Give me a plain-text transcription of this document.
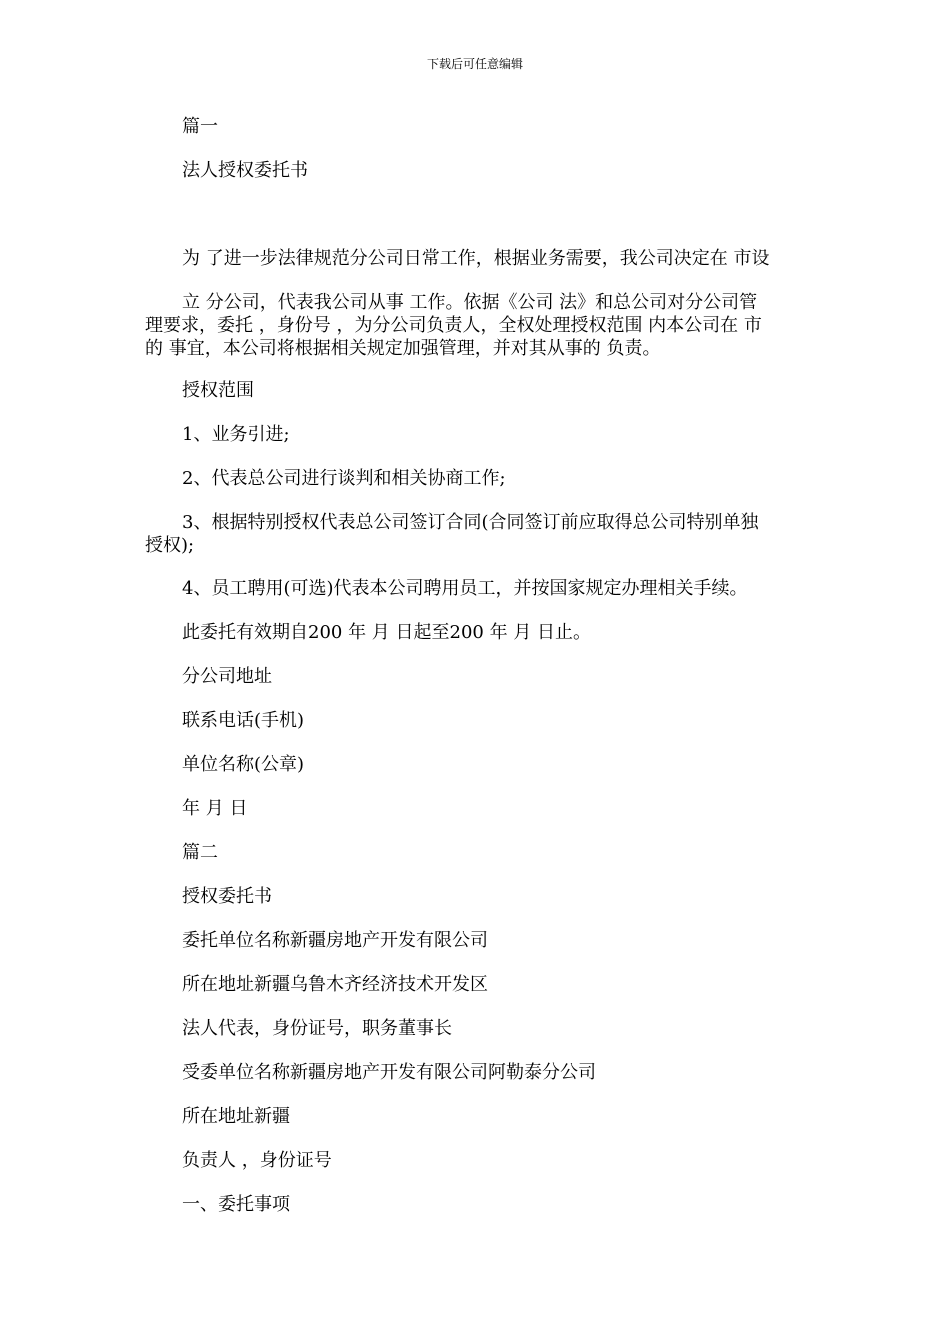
下载后可任意编辑
篇一
法人授权委托书
为 了进一步法律规范分公司日常工作，根据业务需要，我公司决定在 市设
立 分公司，代表我公司从事 工作。依据《公司 法》和总公司对分公司管
理要求，委托 ，身份号 ，为分公司负责人，全权处理授权范围 内本公司在 市
的 事宜，本公司将根据相关规定加强管理，并对其从事的 负责。
授权范围
1、业务引进;
2、代表总公司进行谈判和相关协商工作;
3、根据特别授权代表总公司签订合同(合同签订前应取得总公司特别单独
授权);
4、员工聘用(可选)代表本公司聘用员工，并按国家规定办理相关手续。
此委托有效期自200 年 月 日起至200 年 月 日止。
分公司地址
联系电话(手机)
单位名称(公章)
年 月 日
篇二
授权委托书
委托单位名称新疆房地产开发有限公司
所在地址新疆乌鲁木齐经济技术开发区
法人代表，身份证号，职务董事长
受委单位名称新疆房地产开发有限公司阿勒泰分公司
所在地址新疆
负责人 ，身份证号
一、委托事项
